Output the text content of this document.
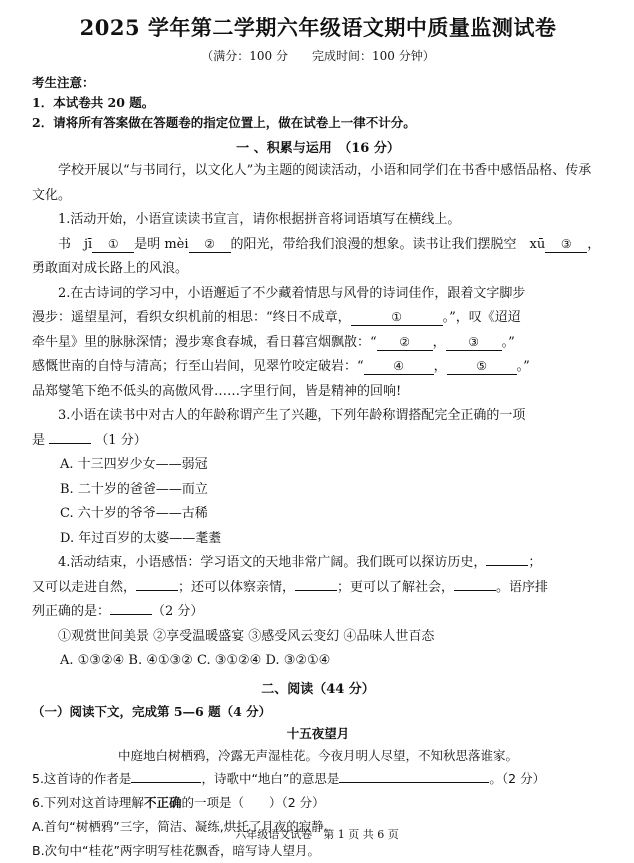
2025 学年第二学期六年级语文期中质量监测试卷
（满分：100 分　　完成时间：100 分钟）
考生注意：
1．本试卷共 20 题。
2．请将所有答案做在答题卷的指定位置上，做在试卷上一律不计分。
一 、积累与运用　（16 分）

学校开展以“与书同行，以文化人”为主题的阅读活动，小语和同学们在书香中感悟品格、传承文化。

1.活动开始，小语宣读读书宣言，请你根据拼音将词语填写在横线上。

书　jī ① 是明 mèi ② 的阳光，带给我们浪漫的想象。读书让我们摆脱空　xū ③ ，

勇敢面对成长路上的风浪。

2.在古诗词的学习中，小语邂逅了不少藏着情思与风骨的诗词佳作，跟着文字脚步

漫步：遥望星河，看织女织机前的相思：“终日不成章，	①	。”，叹《迢迢

牵牛星》里的脉脉深情；漫步寒食春城，看日暮宫烟飘散：“ ② ， ③ 。”

感慨世南的自恃与清高；行至山岩间，见翠竹咬定破岩：“ ④ ， ⑤ 。”

品郑燮笔下绝不低头的高傲风骨……字里行间，皆是精神的回响!

3.小语在读书中对古人的年龄称谓产生了兴趣，下列年龄称谓搭配完全正确的一项

是	（1 分）

A. 十三四岁少女——弱冠

B. 二十岁的爸爸——而立

C. 六十岁的爷爷——古稀

D. 年过百岁的太婆——耄耋

4.活动结束，小语感悟：学习语文的天地非常广阔。我们既可以探访历史，	；

又可以走进自然，	；还可以体察亲情，	；更可以了解社会，	。语序排

列正确的是：	（2 分）

①观赏世间美景 ②享受温暖盛宴 ③感受风云变幻 ④品味人世百态

A. ①③②④ B. ④①③② C. ③①②④ D. ③②①④

二、阅读（44 分）
（一）阅读下文，完成第 5—6 题（4 分）
十五夜望月
中庭地白树栖鸦，冷露无声湿桂花。今夜月明人尽望，不知秋思落谁家。

5.这首诗的作者是	，诗歌中“地白”的意思是	。（2 分）

6.下列对这首诗理解不正确的一项是（　　）（2 分）

A.首句“树栖鸦”三字，简洁、凝练,烘托了月夜的寂静。

B.次句中“桂花”两字明写桂花飘香，暗写诗人望月。

六年级语文试卷　第 1 页 共 6 页
